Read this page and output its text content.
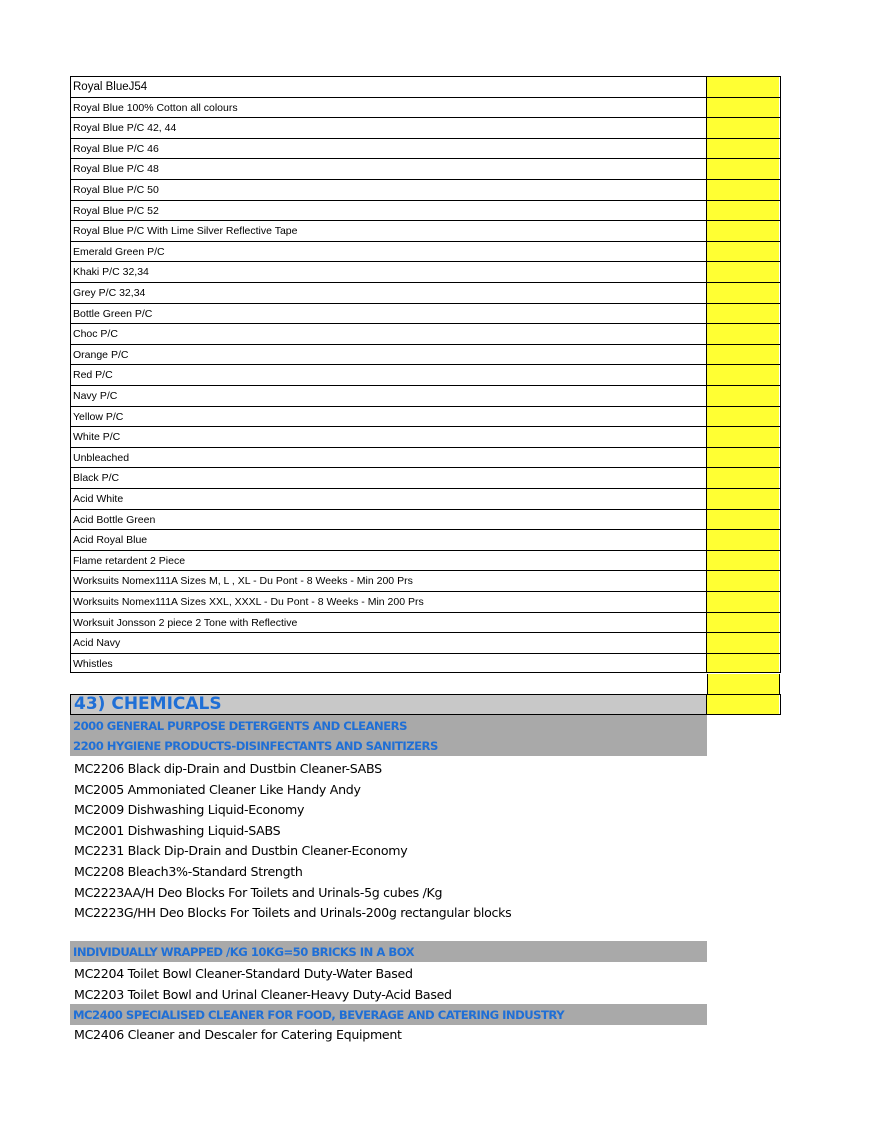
Royal BlueJ54
Royal Blue 100% Cotton all colours
Royal Blue P/C 42, 44
Royal Blue P/C 46
Royal Blue P/C 48
Royal Blue P/C 50
Royal Blue P/C 52
Royal Blue P/C With Lime Silver Reflective Tape
Emerald Green P/C
Khaki P/C 32,34
Grey P/C 32,34
Bottle Green P/C
Choc P/C
Orange P/C
Red P/C
Navy P/C
Yellow P/C
White P/C
Unbleached
Black P/C
Acid White
Acid Bottle Green
Acid Royal Blue
Flame retardent 2 Piece
Worksuits Nomex111A Sizes M, L , XL - Du Pont - 8 Weeks - Min 200 Prs
Worksuits Nomex111A Sizes XXL, XXXL - Du Pont - 8 Weeks - Min 200 Prs
Worksuit Jonsson 2 piece 2 Tone with Reflective
Acid Navy
Whistles
43) CHEMICALS
2000 GENERAL PURPOSE DETERGENTS AND CLEANERS
2200 HYGIENE PRODUCTS-DISINFECTANTS AND SANITIZERS
MC2206 Black dip-Drain and Dustbin Cleaner-SABS
MC2005 Ammoniated Cleaner Like Handy Andy
MC2009 Dishwashing Liquid-Economy
MC2001 Dishwashing Liquid-SABS
MC2231 Black Dip-Drain and Dustbin Cleaner-Economy
MC2208 Bleach3%-Standard Strength
MC2223AA/H Deo Blocks For Toilets and Urinals-5g cubes /Kg
MC2223G/HH Deo Blocks For Toilets and Urinals-200g rectangular blocks
INDIVIDUALLY WRAPPED /KG 10KG=50 BRICKS IN A BOX
MC2204 Toilet Bowl Cleaner-Standard Duty-Water Based
MC2203 Toilet Bowl and Urinal Cleaner-Heavy Duty-Acid Based
MC2400 SPECIALISED CLEANER FOR FOOD, BEVERAGE AND CATERING INDUSTRY
MC2406 Cleaner and Descaler for Catering Equipment
